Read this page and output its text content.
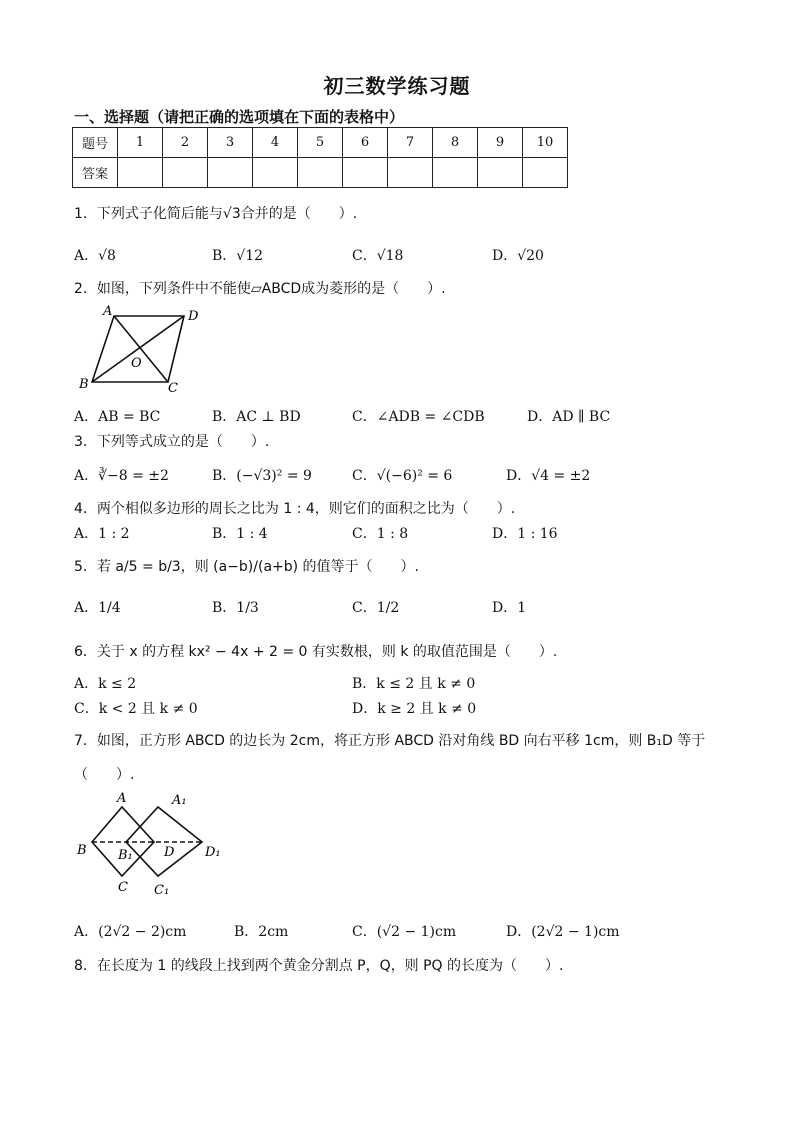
初三数学练习题
一、选择题（请把正确的选项填在下面的表格中）
题号	1	2	3	4	5	6	7	8	9	10
答案										
1．下列式子化简后能与√3合并的是（　　）.
A．√8	B．√12	C．√18	D．√20
2．如图，下列条件中不能使▱ABCD成为菱形的是（　　）.
A	D
O
B	C
A．AB = BC	B．AC ⊥ BD	C．∠ADB = ∠CDB	D．AD ∥ BC
3．下列等式成立的是（　　）.
A．∛−8 = ±2	B．(−√3)² = 9	C．√(−6)² = 6	D．√4 = ±2
4．两个相似多边形的周长之比为 1 : 4，则它们的面积之比为（　　）.
A．1 : 2	B．1 : 4	C．1 : 8	D．1 : 16
5．若 a/5 = b/3，则 (a−b)/(a+b) 的值等于（　　）.
A．1/4	B．1/3	C．1/2	D．1
6．关于 x 的方程 kx² − 4x + 2 = 0 有实数根，则 k 的取值范围是（　　）.
A．k ≤ 2	B．k ≤ 2 且 k ≠ 0
C．k < 2 且 k ≠ 0	D．k ≥ 2 且 k ≠ 0
7．如图，正方形 ABCD 的边长为 2cm，将正方形 ABCD 沿对角线 BD 向右平移 1cm，则 B₁D 等于
（　　）.
A	A₁
B B₁ D D₁
C C₁
A．(2√2 − 2)cm	B．2cm	C．(√2 − 1)cm	D．(2√2 − 1)cm
8．在长度为 1 的线段上找到两个黄金分割点 P，Q，则 PQ 的长度为（　　）.
